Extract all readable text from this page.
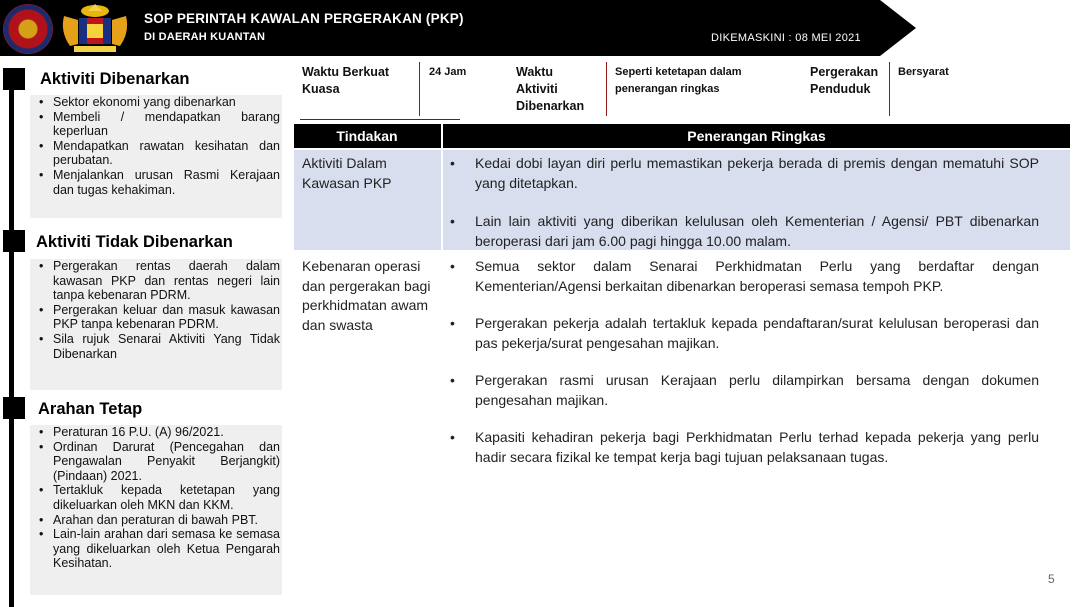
SOP PERINTAH KAWALAN PERGERAKAN (PKP)
DI DAERAH KUANTAN	DIKEMASKINI : 08 MEI 2021
Aktiviti Dibenarkan
• Sektor ekonomi yang dibenarkan
• Membeli / mendapatkan barang keperluan
• Mendapatkan rawatan kesihatan dan perubatan.
• Menjalankan urusan Rasmi Kerajaan dan tugas kehakiman.
Aktiviti Tidak Dibenarkan
• Pergerakan rentas daerah dalam kawasan PKP dan rentas negeri lain tanpa kebenaran PDRM.
• Pergerakan keluar dan masuk kawasan PKP tanpa kebenaran PDRM.
• Sila rujuk Senarai Aktiviti Yang Tidak Dibenarkan
Arahan Tetap
• Peraturan 16 P.U. (A) 96/2021.
• Ordinan Darurat (Pencegahan dan Pengawalan Penyakit Berjangkit) (Pindaan) 2021.
• Tertakluk kepada ketetapan yang dikeluarkan oleh MKN dan KKM.
• Arahan dan peraturan di bawah PBT.
• Lain-lain arahan dari semasa ke semasa yang dikeluarkan oleh Ketua Pengarah Kesihatan.
Waktu Berkuat Kuasa
24 Jam	Waktu Aktiviti Dibenarkan
Seperti ketetapan dalam penerangan ringkas
Pergerakan Penduduk
Bersyarat
Tindakan	Penerangan Ringkas
Aktiviti Dalam Kawasan PKP
• Kedai dobi layan diri perlu memastikan pekerja berada di premis dengan mematuhi SOP yang ditetapkan.
• Lain lain aktiviti yang diberikan kelulusan oleh Kementerian / Agensi/ PBT dibenarkan beroperasi dari jam 6.00 pagi hingga 10.00 malam.
Kebenaran operasi dan pergerakan bagi perkhidmatan awam dan swasta
• Semua sektor dalam Senarai Perkhidmatan Perlu yang berdaftar dengan Kementerian/Agensi berkaitan dibenarkan beroperasi semasa tempoh PKP.
• Pergerakan pekerja adalah tertakluk kepada pendaftaran/surat kelulusan beroperasi dan pas pekerja/surat pengesahan majikan.
• Pergerakan rasmi urusan Kerajaan perlu dilampirkan bersama dengan dokumen pengesahan majikan.
• Kapasiti kehadiran pekerja bagi Perkhidmatan Perlu terhad kepada pekerja yang perlu hadir secara fizikal ke tempat kerja bagi tujuan pelaksanaan tugas.
5
